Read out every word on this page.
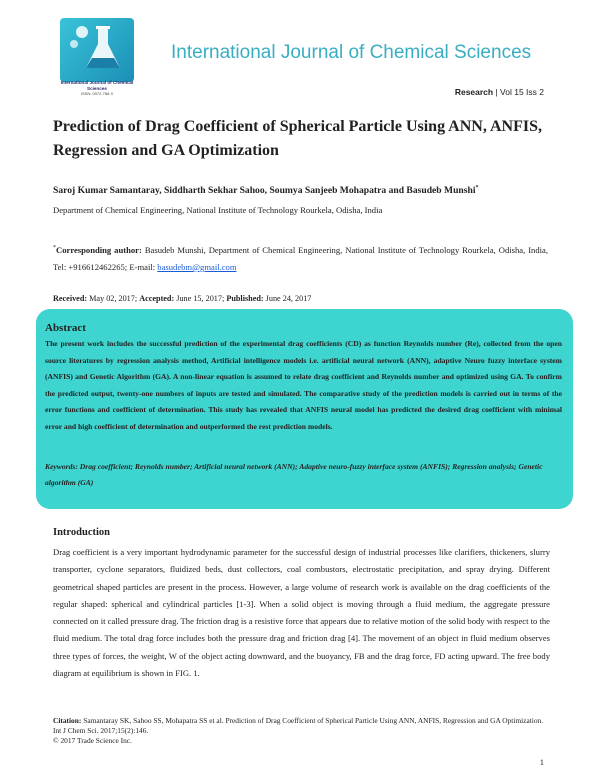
International Journal of Chemical Sciences
ISSN: 0972-768 X
International Journal of Chemical Sciences
Research | Vol 15 Iss 2
Prediction of Drag Coefficient of Spherical Particle Using ANN, ANFIS, Regression and GA Optimization
Saroj Kumar Samantaray, Siddharth Sekhar Sahoo, Soumya Sanjeeb Mohapatra and Basudeb Munshi*
Department of Chemical Engineering, National Institute of Technology Rourkela, Odisha, India
*Corresponding author: Basudeb Munshi, Department of Chemical Engineering, National Institute of Technology Rourkela, Odisha, India, Tel: +916612462265; E-mail: basudebm@gmail.com
Received: May 02, 2017; Accepted: June 15, 2017; Published: June 24, 2017
Abstract
The present work includes the successful prediction of the experimental drag coefficients (CD) as function Reynolds number (Re), collected from the open source literatures by regression analysis method, Artificial intelligence models i.e. artificial neural network (ANN), adaptive Neuro fuzzy interface system (ANFIS) and Genetic Algorithm (GA). A non-linear equation is assumed to relate drag coefficient and Reynolds number and optimized using GA. To confirm the predicted output, twenty-one numbers of inputs are tested and simulated. The comparative study of the prediction models is carried out in terms of the error functions and coefficient of determination. This study has revealed that ANFIS neural model has predicted the desired drag coefficient with minimal error and high coefficient of determination and outperformed the rest prediction models.
Keywords: Drag coefficient; Reynolds number; Artificial neural network (ANN); Adaptive neuro-fuzzy interface system (ANFIS); Regression analysis; Genetic algorithm (GA)
Introduction
Drag coefficient is a very important hydrodynamic parameter for the successful design of industrial processes like clarifiers, thickeners, slurry transporter, cyclone separators, fluidized beds, dust collectors, coal combustors, electrostatic precipitation, and spray drying. Different geometrical shaped particles are present in the process. However, a large volume of research work is available on the drag coefficients of the regular shaped: spherical and cylindrical particles [1-3]. When a solid object is moving through a fluid medium, the aggregate pressure connected on it called pressure drag. The friction drag is a resistive force that appears due to relative motion of the solid body with respect to the fluid medium. The total drag force includes both the pressure drag and friction drag [4]. The movement of an object in fluid medium observes three types of forces, the weight, W of the object acting downward, and the buoyancy, FB and the drag force, FD acting upward. The free body diagram at equilibrium is shown in FIG. 1.
Citation: Samantaray SK, Sahoo SS, Mohapatra SS et al. Prediction of Drag Coefficient of Spherical Particle Using ANN, ANFIS, Regression and GA Optimization. Int J Chem Sci. 2017;15(2):146.
© 2017 Trade Science Inc.
1
